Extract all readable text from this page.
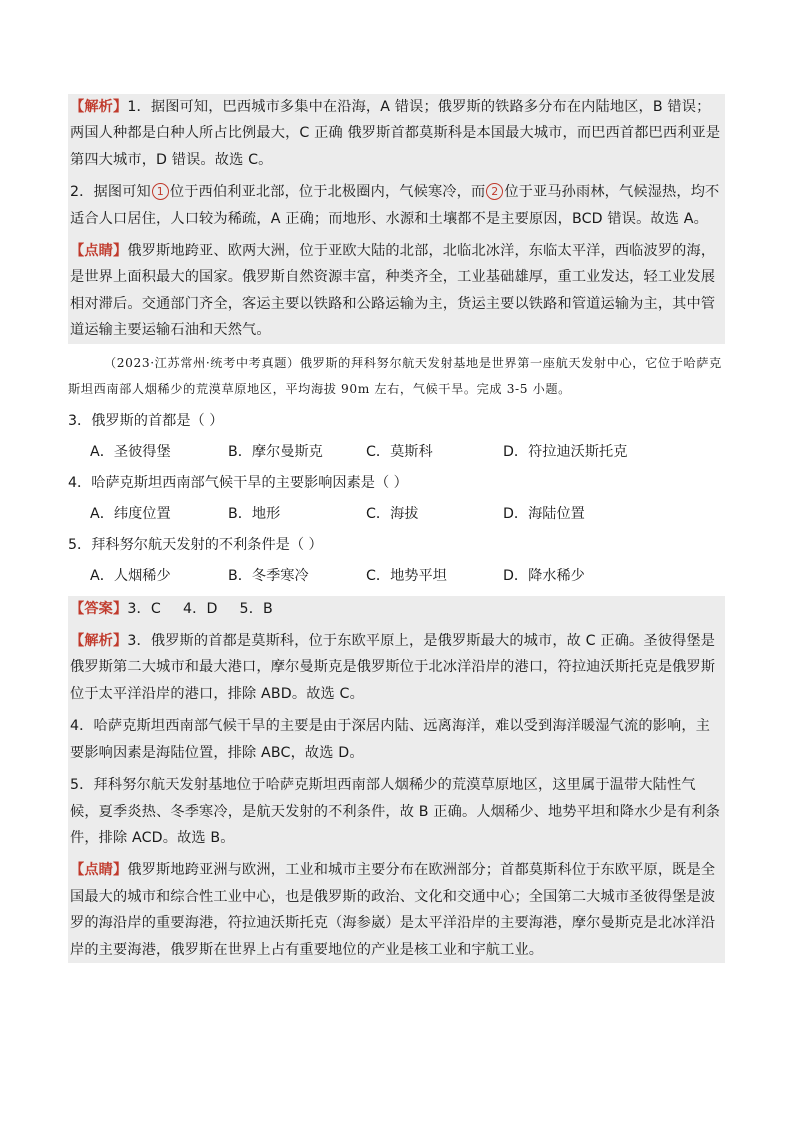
【解析】1．据图可知，巴西城市多集中在沿海，A 错误；俄罗斯的铁路多分布在内陆地区，B 错误；两国人种都是白种人所占比例最大，C 正确 俄罗斯首都莫斯科是本国最大城市，而巴西首都巴西利亚是第四大城市，D 错误。故选 C。

2．据图可知 1 位于西伯利亚北部，位于北极圈内，气候寒冷，而 2 位于亚马孙雨林，气候湿热，均不适合人口居住，人口较为稀疏，A 正确；而地形、水源和土壤都不是主要原因，BCD 错误。故选 A。

【点睛】俄罗斯地跨亚、欧两大洲，位于亚欧大陆的北部，北临北冰洋，东临太平洋，西临波罗的海，是世界上面积最大的国家。俄罗斯自然资源丰富，种类齐全，工业基础雄厚，重工业发达，轻工业发展相对滞后。交通部门齐全，客运主要以铁路和公路运输为主，货运主要以铁路和管道运输为主，其中管道运输主要运输石油和天然气。

（2023·江苏常州·统考中考真题）俄罗斯的拜科努尔航天发射基地是世界第一座航天发射中心，它位于哈萨克斯坦西南部人烟稀少的荒漠草原地区，平均海拔 90m 左右，气候干旱。完成 3-5 小题。

3．俄罗斯的首都是（ ）

A．圣彼得堡	B．摩尔曼斯克	C．莫斯科	D．符拉迪沃斯托克

4．哈萨克斯坦西南部气候干旱的主要影响因素是（ ）

A．纬度位置	B．地形	C．海拔	D．海陆位置

5．拜科努尔航天发射的不利条件是（ ）

A．人烟稀少	B．冬季寒冷	C．地势平坦	D．降水稀少

【答案】3．C 4．D 5．B

【解析】3．俄罗斯的首都是莫斯科，位于东欧平原上，是俄罗斯最大的城市，故 C 正确。圣彼得堡是俄罗斯第二大城市和最大港口，摩尔曼斯克是俄罗斯位于北冰洋沿岸的港口，符拉迪沃斯托克是俄罗斯位于太平洋沿岸的港口，排除 ABD。故选 C。

4．哈萨克斯坦西南部气候干旱的主要是由于深居内陆、远离海洋，难以受到海洋暖湿气流的影响，主要影响因素是海陆位置，排除 ABC，故选 D。

5．拜科努尔航天发射基地位于哈萨克斯坦西南部人烟稀少的荒漠草原地区，这里属于温带大陆性气候，夏季炎热、冬季寒冷，是航天发射的不利条件，故 B 正确。人烟稀少、地势平坦和降水少是有利条件，排除 ACD。故选 B。

【点睛】俄罗斯地跨亚洲与欧洲，工业和城市主要分布在欧洲部分；首都莫斯科位于东欧平原，既是全国最大的城市和综合性工业中心，也是俄罗斯的政治、文化和交通中心；全国第二大城市圣彼得堡是波罗的海沿岸的重要海港，符拉迪沃斯托克（海参崴）是太平洋沿岸的主要海港，摩尔曼斯克是北冰洋沿岸的主要海港，俄罗斯在世界上占有重要地位的产业是核工业和宇航工业。
